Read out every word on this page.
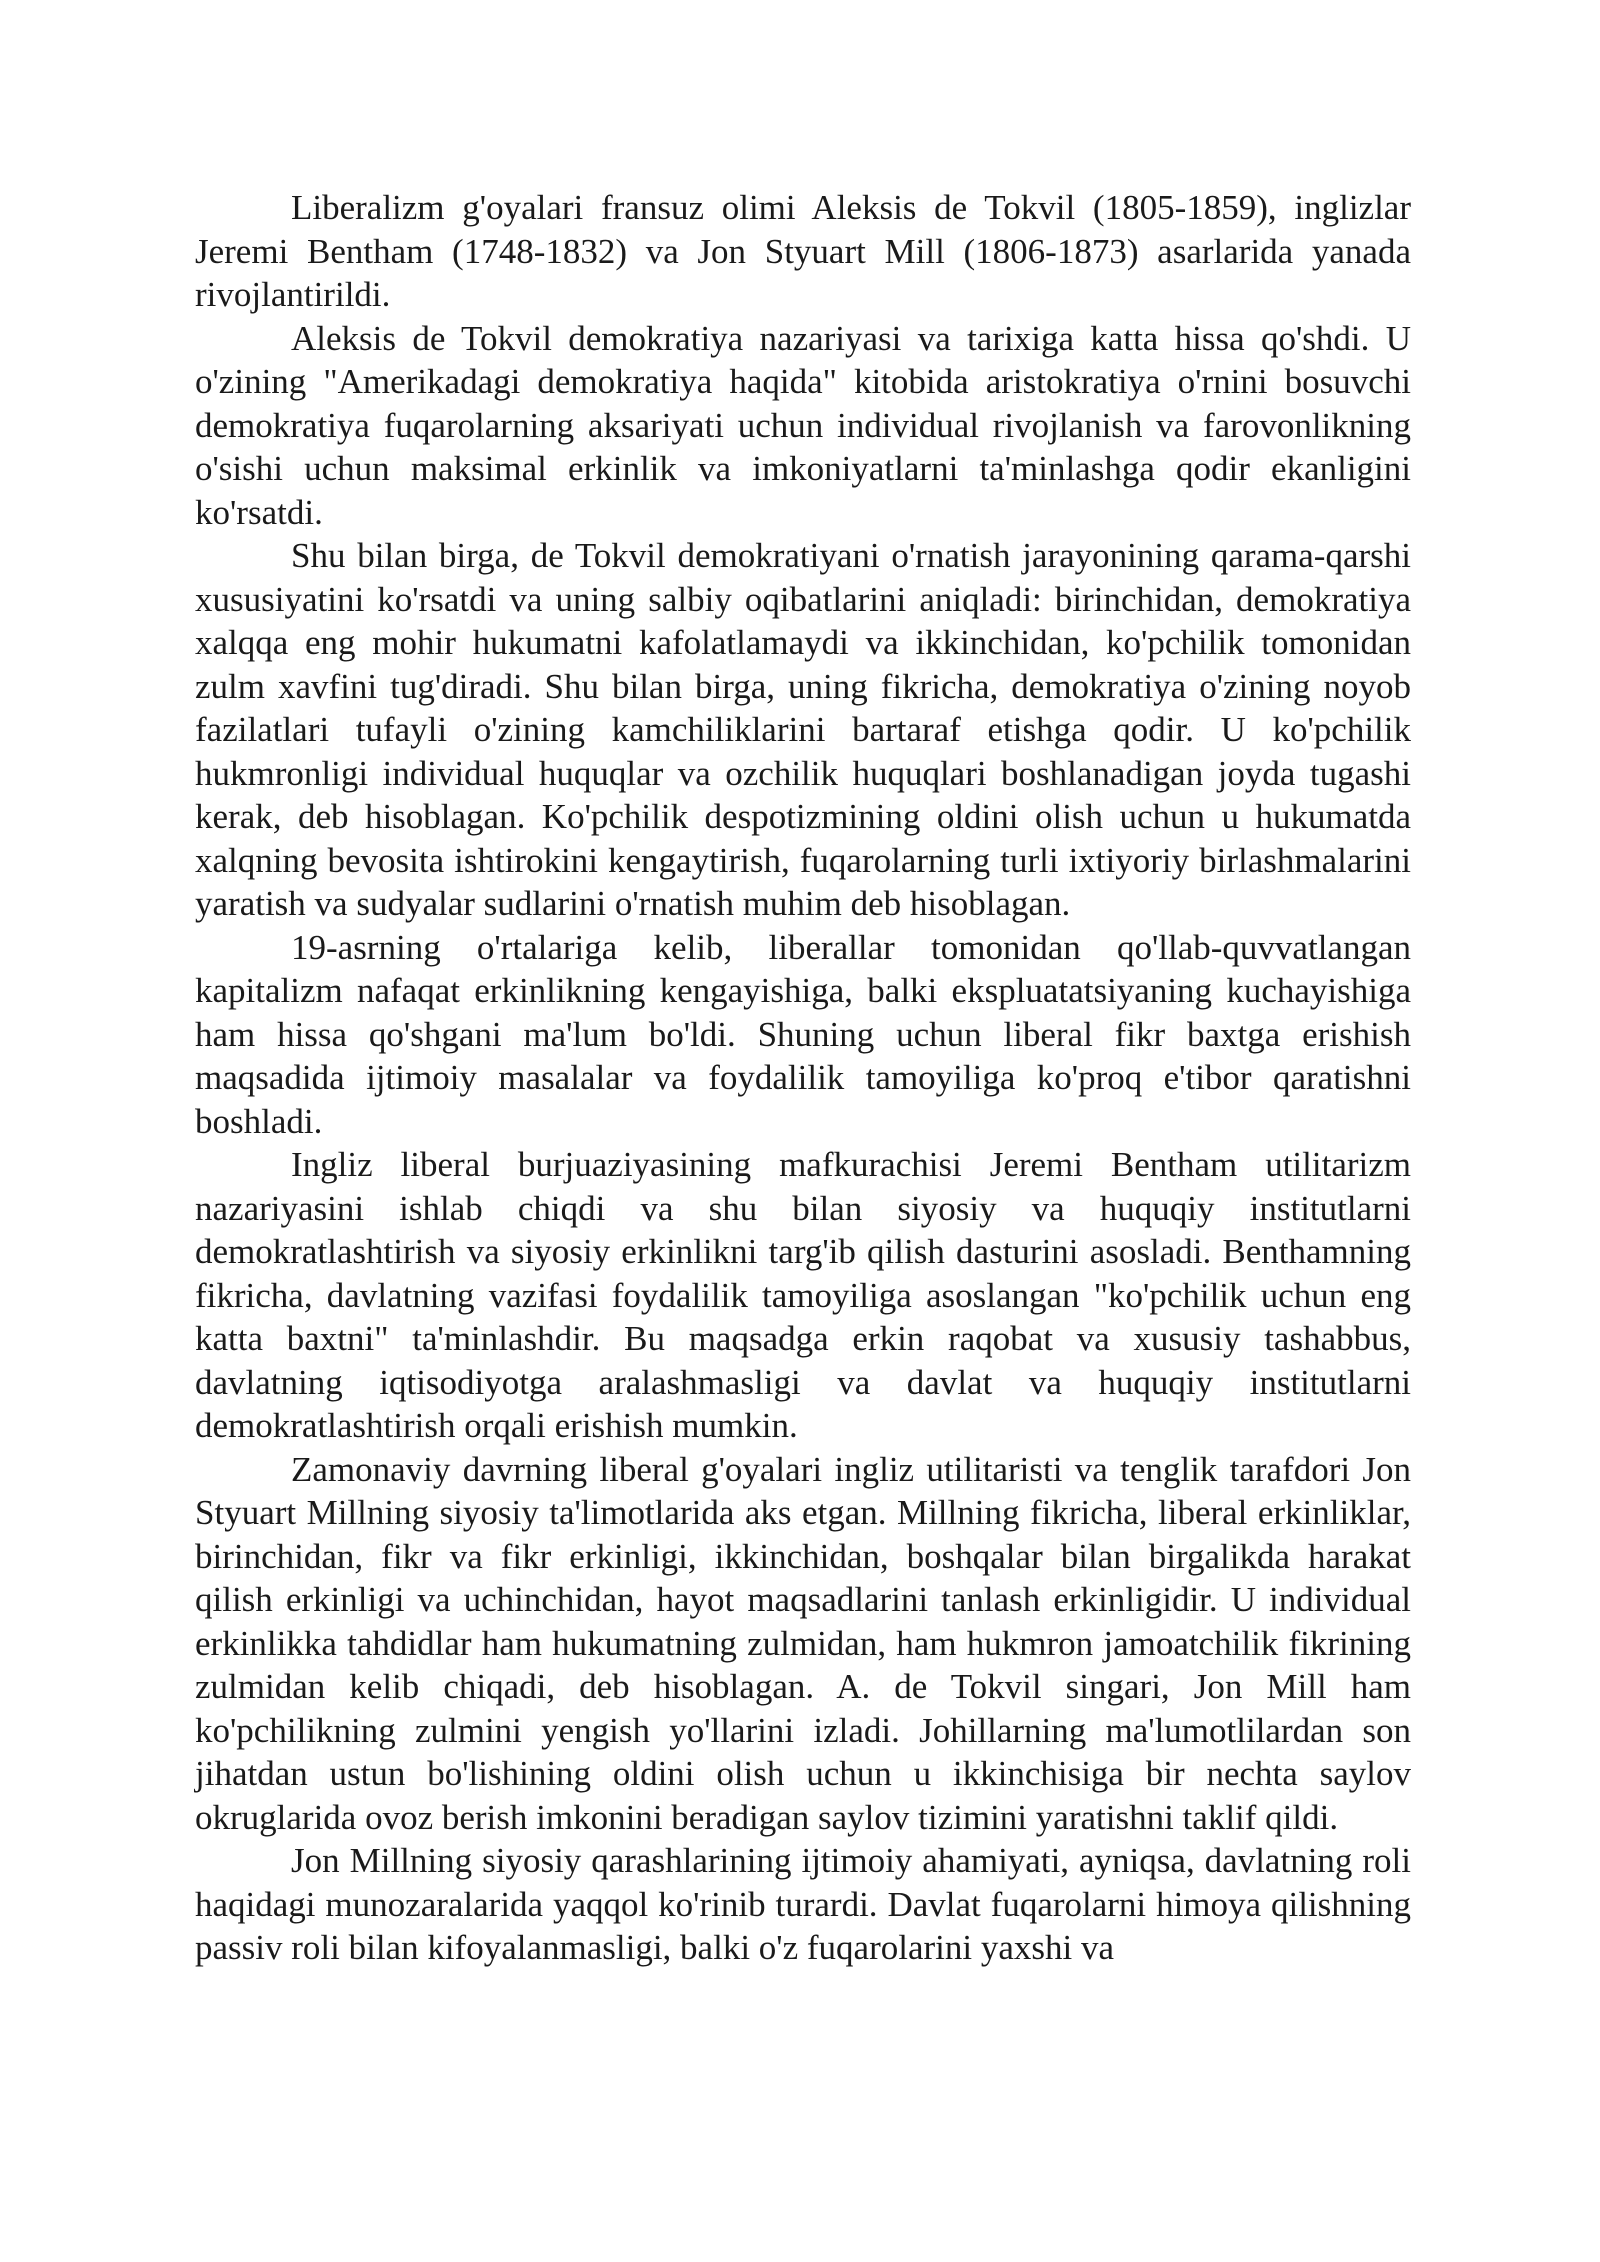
Liberalizm g'oyalari fransuz olimi Aleksis de Tokvil (1805-1859), inglizlar Jeremi Bentham (1748-1832) va Jon Styuart Mill (1806-1873) asarlarida yanada rivojlantirildi.

Aleksis de Tokvil demokratiya nazariyasi va tarixiga katta hissa qo'shdi. U o'zining "Amerikadagi demokratiya haqida" kitobida aristokratiya o'rnini bosuvchi demokratiya fuqarolarning aksariyati uchun individual rivojlanish va farovonlikning o'sishi uchun maksimal erkinlik va imkoniyatlarni ta'minlashga qodir ekanligini ko'rsatdi.

Shu bilan birga, de Tokvil demokratiyani o'rnatish jarayonining qarama-qarshi xususiyatini ko'rsatdi va uning salbiy oqibatlarini aniqladi: birinchidan, demokratiya xalqqa eng mohir hukumatni kafolatlamaydi va ikkinchidan, ko'pchilik tomonidan zulm xavfini tug'diradi. Shu bilan birga, uning fikricha, demokratiya o'zining noyob fazilatlari tufayli o'zining kamchiliklarini bartaraf etishga qodir. U ko'pchilik hukmronligi individual huquqlar va ozchilik huquqlari boshlanadigan joyda tugashi kerak, deb hisoblagan. Ko'pchilik despotizmining oldini olish uchun u hukumatda xalqning bevosita ishtirokini kengaytirish, fuqarolarning turli ixtiyoriy birlashmalarini yaratish va sudyalar sudlarini o'rnatish muhim deb hisoblagan.

19-asrning o'rtalariga kelib, liberallar tomonidan qo'llab-quvvatlangan kapitalizm nafaqat erkinlikning kengayishiga, balki ekspluatatsiyaning kuchayishiga ham hissa qo'shgani ma'lum bo'ldi. Shuning uchun liberal fikr baxtga erishish maqsadida ijtimoiy masalalar va foydalilik tamoyiliga ko'proq e'tibor qaratishni boshladi.

Ingliz liberal burjuaziyasining mafkurachisi Jeremi Bentham utilitarizm nazariyasini ishlab chiqdi va shu bilan siyosiy va huquqiy institutlarni demokratlashtirish va siyosiy erkinlikni targ'ib qilish dasturini asosladi. Benthamning fikricha, davlatning vazifasi foydalilik tamoyiliga asoslangan "ko'pchilik uchun eng katta baxtni" ta'minlashdir. Bu maqsadga erkin raqobat va xususiy tashabbus, davlatning iqtisodiyotga aralashmasligi va davlat va huquqiy institutlarni demokratlashtirish orqali erishish mumkin.

Zamonaviy davrning liberal g'oyalari ingliz utilitaristi va tenglik tarafdori Jon Styuart Millning siyosiy ta'limotlarida aks etgan. Millning fikricha, liberal erkinliklar, birinchidan, fikr va fikr erkinligi, ikkinchidan, boshqalar bilan birgalikda harakat qilish erkinligi va uchinchidan, hayot maqsadlarini tanlash erkinligidir. U individual erkinlikka tahdidlar ham hukumatning zulmidan, ham hukmron jamoatchilik fikrining zulmidan kelib chiqadi, deb hisoblagan. A. de Tokvil singari, Jon Mill ham ko'pchilikning zulmini yengish yo'llarini izladi. Johillarning ma'lumotlilardan son jihatdan ustun bo'lishining oldini olish uchun u ikkinchisiga bir nechta saylov okruglarida ovoz berish imkonini beradigan saylov tizimini yaratishni taklif qildi.

Jon Millning siyosiy qarashlarining ijtimoiy ahamiyati, ayniqsa, davlatning roli haqidagi munozaralarida yaqqol ko'rinib turardi. Davlat fuqarolarni himoya qilishning passiv roli bilan kifoyalanmasligi, balki o'z fuqarolarini yaxshi va
